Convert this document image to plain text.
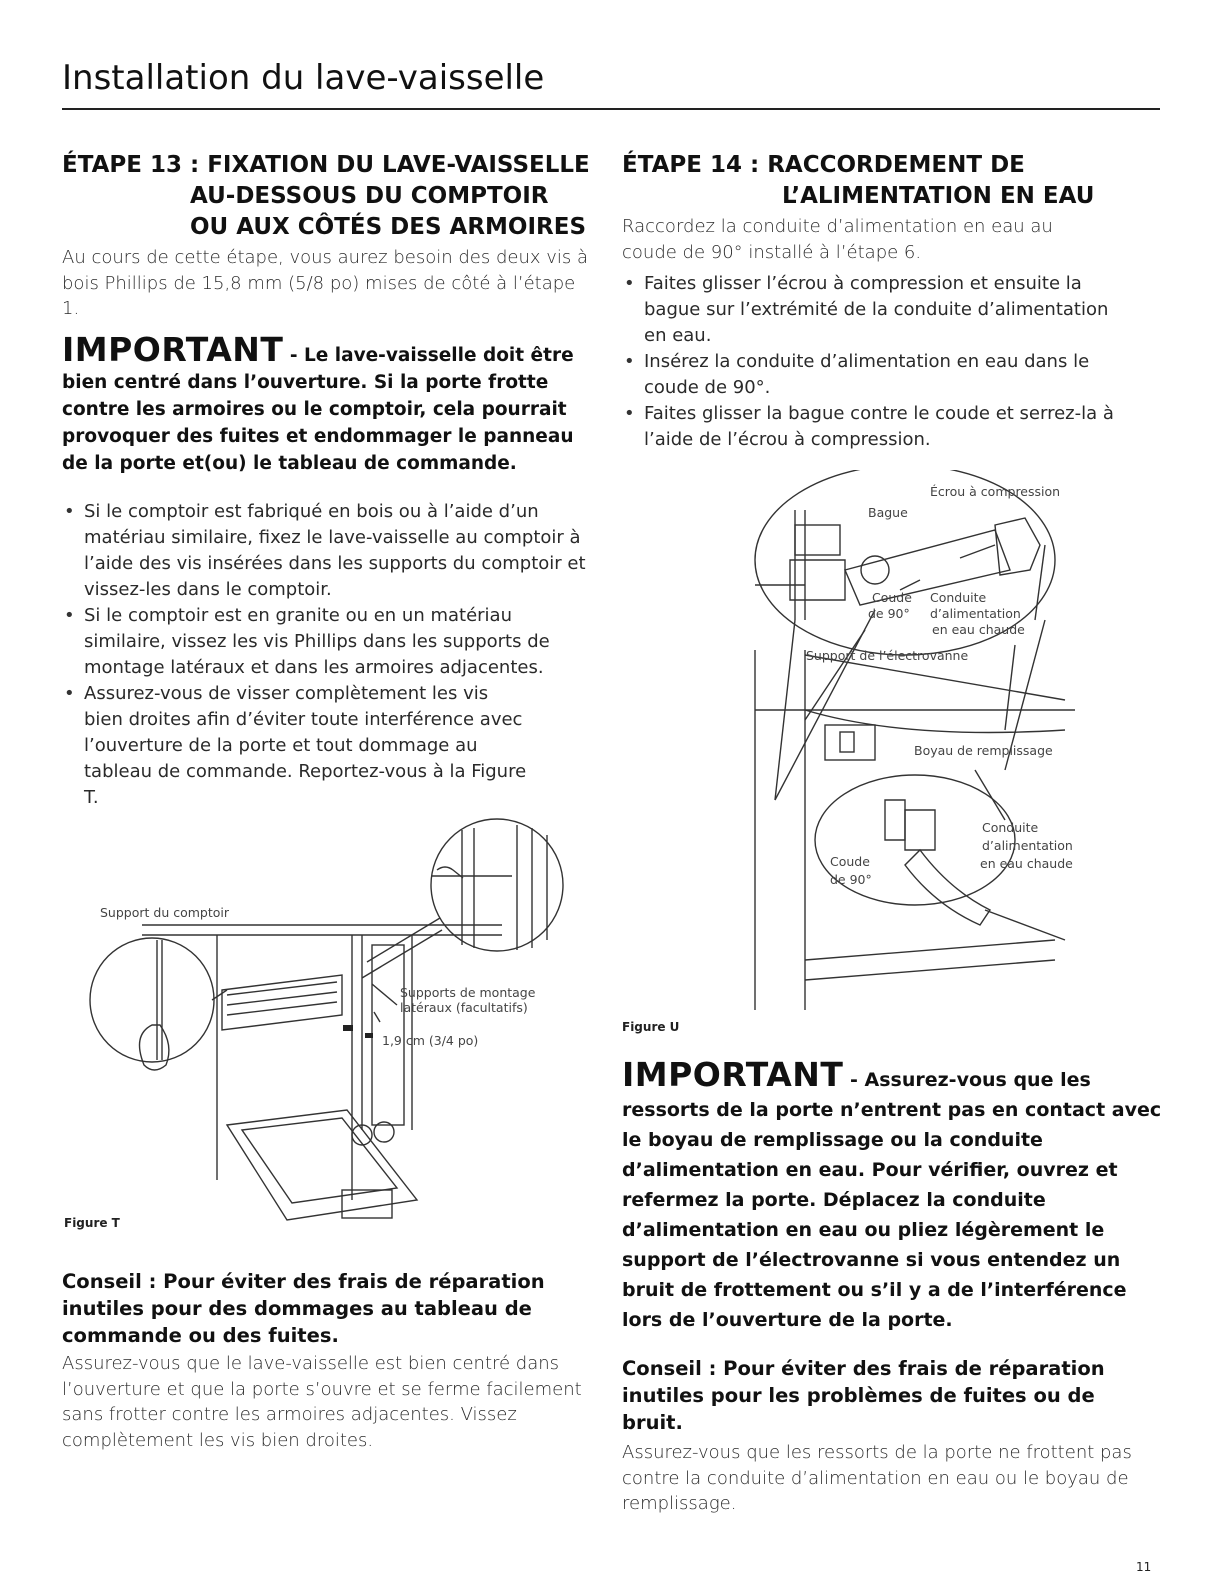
Installation du lave-vaisselle
ÉTAPE 13 : FIXATION DU LAVE-VAISSELLE
AU-DESSOUS DU COMPTOIR
OU AUX CÔTÉS DES ARMOIRES

Au cours de cette étape, vous aurez besoin des deux vis à bois Phillips de 15,8 mm (5/8 po) mises de côté à l’étape 1.

IMPORTANT - Le lave-vaisselle doit être bien centré dans l’ouverture. Si la porte frotte contre les armoires ou le comptoir, cela pourrait provoquer des fuites et endommager le panneau de la porte et(ou) le tableau de commande.

• Si le comptoir est fabriqué en bois ou à l’aide d’un matériau similaire, fixez le lave-vaisselle au comptoir à l’aide des vis insérées dans les supports du comptoir et vissez-les dans le comptoir.
• Si le comptoir est en granite ou en un matériau similaire, vissez les vis Phillips dans les supports de montage latéraux et dans les armoires adjacentes.
• Assurez-vous de visser complètement les vis bien droites afin d’éviter toute interférence avec l’ouverture de la porte et tout dommage au tableau de commande. Reportez-vous à la Figure T.
Support du comptoir
Supports de montage
latéraux (facultatifs)
1,9 cm (3/4 po)
Figure T

Conseil : Pour éviter des frais de réparation inutiles pour des dommages au tableau de commande ou des fuites.

Assurez-vous que le lave-vaisselle est bien centré dans l’ouverture et que la porte s’ouvre et se ferme facilement sans frotter contre les armoires adjacentes. Vissez complètement les vis bien droites.

ÉTAPE 14 : RACCORDEMENT DE
L’ALIMENTATION EN EAU

Raccordez la conduite d’alimentation en eau au coude de 90° installé à l’étape 6.

• Faites glisser l’écrou à compression et ensuite la bague sur l’extrémité de la conduite d’alimentation en eau.
• Insérez la conduite d’alimentation en eau dans le coude de 90°.
• Faites glisser la bague contre le coude et serrez-la à l’aide de l’écrou à compression.
Écrou à compression
Bague
Coude
de 90°
Conduite
d’alimentation
en eau chaude
Support de l’électrovanne
Boyau de remplissage
Conduite
d’alimentation
en eau chaude
Coude
de 90°
Figure U

IMPORTANT - Assurez-vous que les ressorts de la porte n’entrent pas en contact avec le boyau de remplissage ou la conduite d’alimentation en eau. Pour vérifier, ouvrez et refermez la porte. Déplacez la conduite d’alimentation en eau ou pliez légèrement le support de l’électrovanne si vous entendez un bruit de frottement ou s’il y a de l’interférence lors de l’ouverture de la porte.

Conseil : Pour éviter des frais de réparation inutiles pour les problèmes de fuites ou de bruit.

Assurez-vous que les ressorts de la porte ne frottent pas contre la conduite d’alimentation en eau ou le boyau de remplissage.

11
